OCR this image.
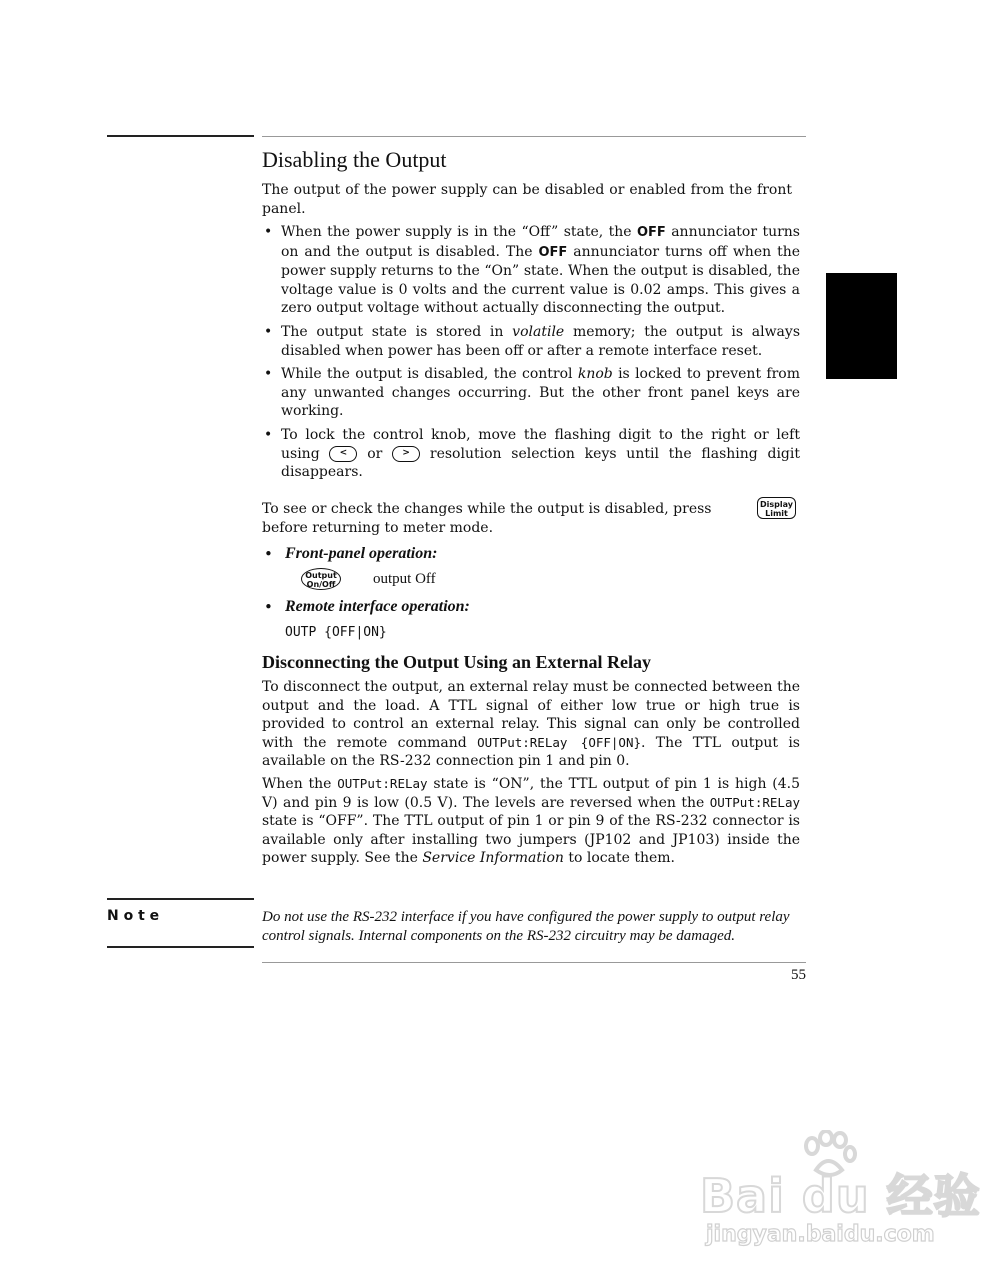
Disabling the Output
The output of the power supply can be disabled or enabled from the front panel.
• When the power supply is in the “Off” state, the OFF annunciator turns on and the output is disabled. The OFF annunciator turns off when the power supply returns to the “On” state. When the output is disabled, the voltage value is 0 volts and the current value is 0.02 amps. This gives a zero output voltage without actually disconnecting the output.
• The output state is stored in volatile memory; the output is always disabled when power has been off or after a remote interface reset.
• While the output is disabled, the control knob is locked to prevent from any unwanted changes occurring. But the other front panel keys are working.
• To lock the control knob, move the flashing digit to the right or left using < or > resolution selection keys until the flashing digit disappears.
To see or check the changes while the output is disabled, press	Display
Limit
before returning to meter mode.
• Front-panel operation:
Output
On/Off	output Off
• Remote interface operation:
OUTP {OFF|ON}
Disconnecting the Output Using an External Relay
To disconnect the output, an external relay must be connected between the output and the load. A TTL signal of either low true or high true is provided to control an external relay. This signal can only be controlled with the remote command OUTPut:RELay {OFF|ON}. The TTL output is available on the RS-232 connection pin 1 and pin 0.
When the OUTPut:RELay state is “ON”, the TTL output of pin 1 is high (4.5 V) and pin 9 is low (0.5 V). The levels are reversed when the OUTPut:RELay state is “OFF”. The TTL output of pin 1 or pin 9 of the RS-232 connector is available only after installing two jumpers (JP102 and JP103) inside the power supply. See the Service Information to locate them.
N o t e	Do not use the RS-232 interface if you have configured the power supply to output relay control signals. Internal components on the RS-232 circuitry may be damaged.
55
Bai du 经验
jingyan.baidu.com
